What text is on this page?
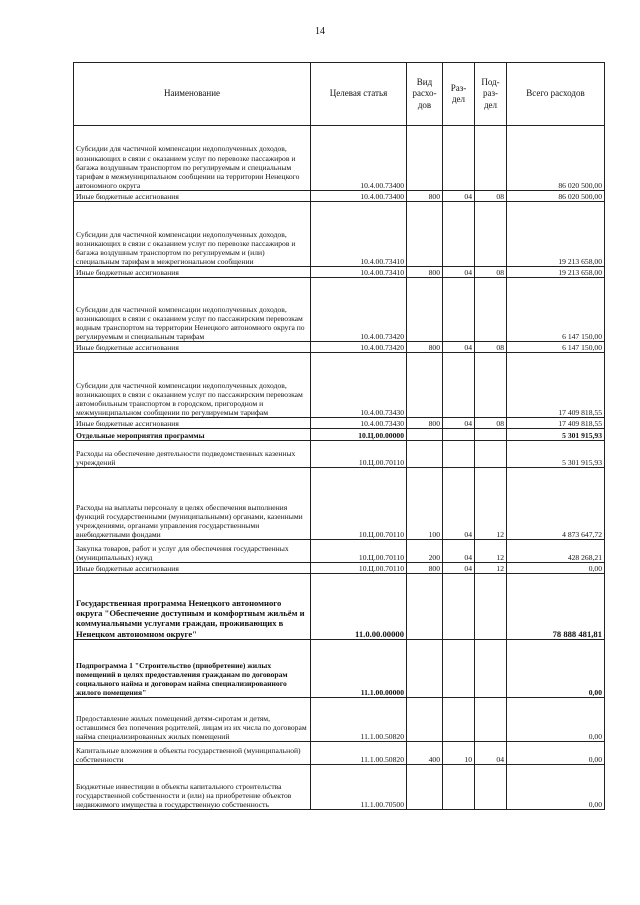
14
Наименование	Целевая статья	Вид расхо-дов	Раз-дел	Под-раз-дел	Всего расходов
Субсидии для частичной компенсации недополученных доходов, возникающих в связи с оказанием услуг по перевозке пассажиров и багажа воздушным транспортом по регулируемым и специальным тарифам в межмуниципальном сообщении на территории Ненецкого автономного округа	10.4.00.73400				86 020 500,00
Иные бюджетные ассигнования	10.4.00.73400	800	04	08	86 020 500,00
Субсидии для частичной компенсации недополученных доходов, возникающих в связи с оказанием услуг по перевозке пассажиров и багажа воздушным транспортом по регулируемым и (или) специальным тарифам в межрегиональном сообщении	10.4.00.73410				19 213 658,00
Иные бюджетные ассигнования	10.4.00.73410	800	04	08	19 213 658,00
Субсидии для частичной компенсации недополученных доходов, возникающих в связи с оказанием услуг по пассажирским перевозкам водным транспортом на территории Ненецкого автономного округа по регулируемым и специальным тарифам	10.4.00.73420				6 147 150,00
Иные бюджетные ассигнования	10.4.00.73420	800	04	08	6 147 150,00
Субсидии для частичной компенсации недополученных доходов, возникающих в связи с оказанием услуг по пассажирским перевозкам автомобильным транспортом в городском, пригородном и межмуниципальном сообщении по регулируемым тарифам	10.4.00.73430				17 409 818,55
Иные бюджетные ассигнования	10.4.00.73430	800	04	08	17 409 818,55
Отдельные мероприятия программы	10.Ц.00.00000				5 301 915,93
Расходы на обеспечение деятельности подведомственных казенных учреждений	10.Ц.00.70110				5 301 915,93
Расходы на выплаты персоналу в целях обеспечения выполнения функций государственными (муниципальными) органами, казенными учреждениями, органами управления государственными внебюджетными фондами	10.Ц.00.70110	100	04	12	4 873 647,72
Закупка товаров, работ и услуг для обеспечения государственных (муниципальных) нужд	10.Ц.00.70110	200	04	12	428 268,21
Иные бюджетные ассигнования	10.Ц.00.70110	800	04	12	0,00
Государственная программа Ненецкого автономного округа "Обеспечение доступным и комфортным жильём и коммунальными услугами граждан, проживающих в Ненецком автономном округе"	11.0.00.00000				78 888 481,81
Подпрограмма 1 "Строительство (приобретение) жилых помещений в целях предоставления гражданам по договорам социального найма и договорам найма специализированного жилого помещения"	11.1.00.00000				0,00
Предоставление жилых помещений детям-сиротам и детям, оставшимся без попечения родителей, лицам из их числа по договорам найма специализированных жилых помещений	11.1.00.50820				0,00
Капитальные вложения в объекты государственной (муниципальной) собственности	11.1.00.50820	400	10	04	0,00
Бюджетные инвестиции в объекты капитального строительства государственной собственности и (или) на приобретение объектов недвижимого имущества в государственную собственность	11.1.00.70500				0,00
